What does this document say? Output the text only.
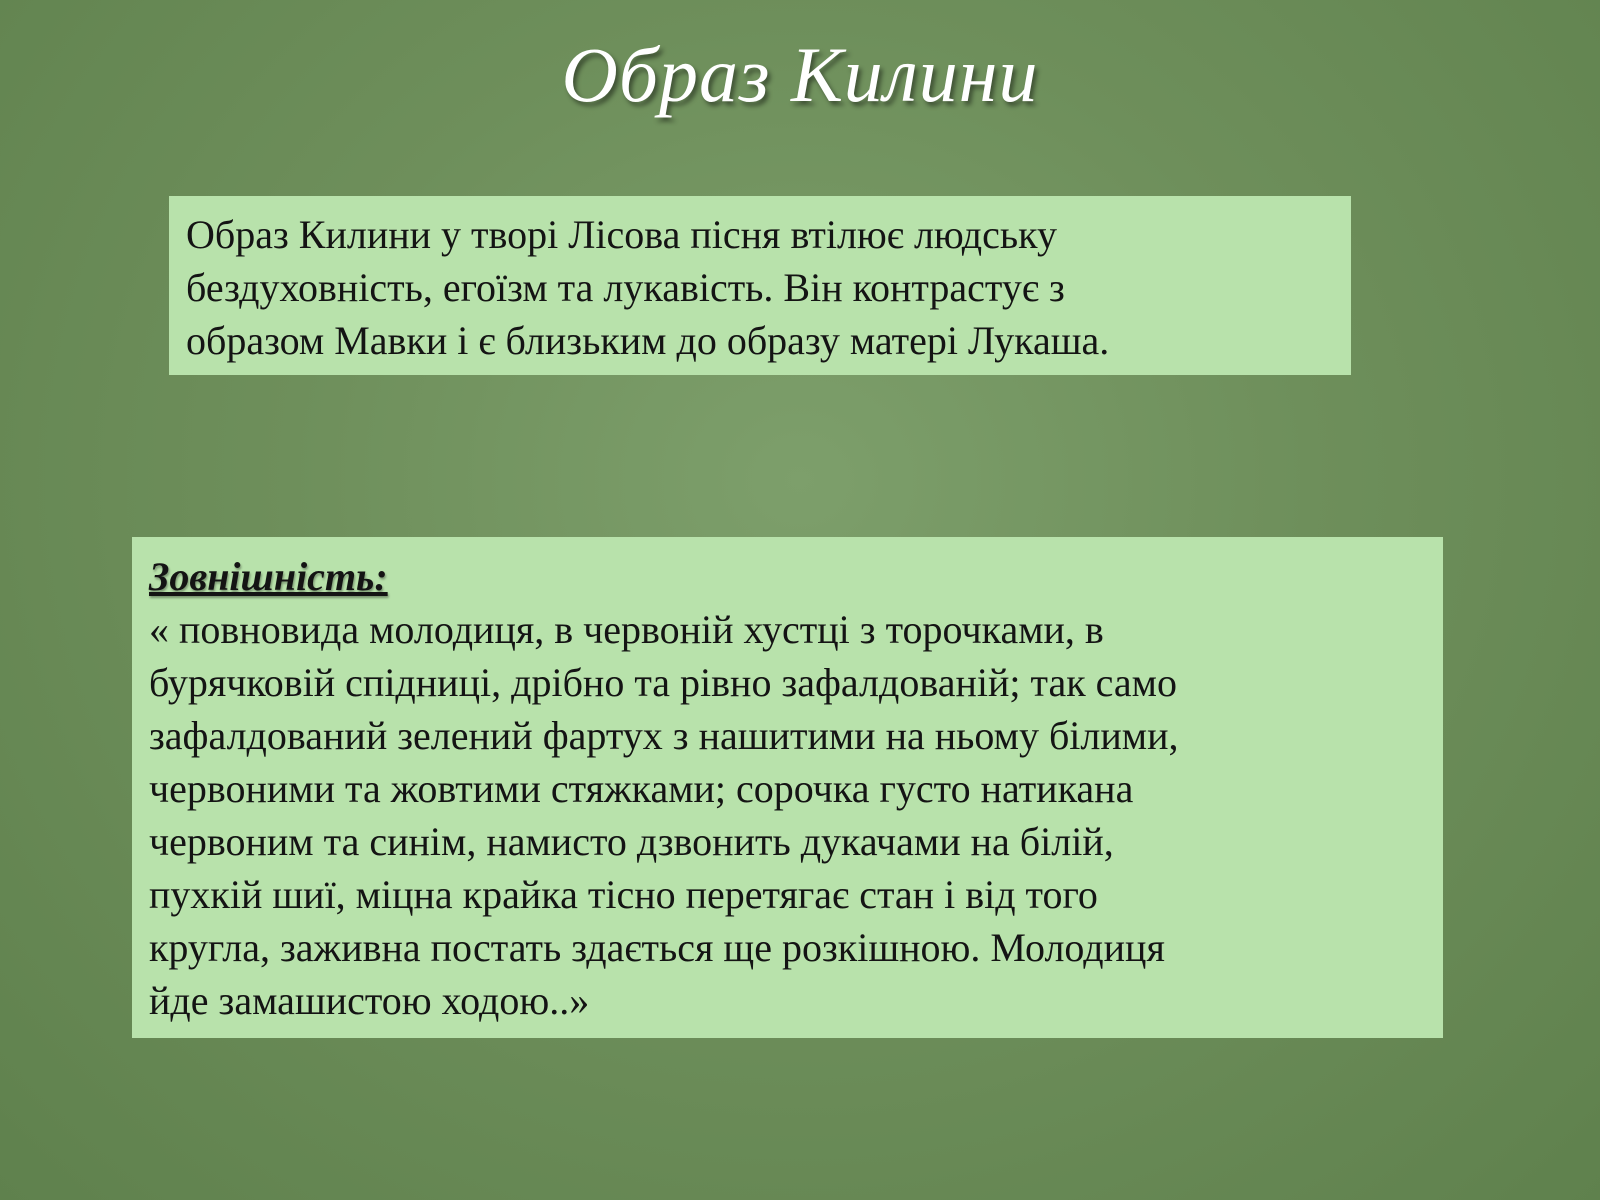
Образ Килини
Образ Килини у творі Лісова пісня втілює людську
бездуховність, егоїзм та лукавість. Він контрастує з
образом Мавки і є близьким до образу матері Лукаша.
Зовнішність:
« повновида молодиця, в червоній хустці з торочками, в
бурячковій спідниці, дрібно та рівно зафалдованій; так само
зафалдований зелений фартух з нашитими на ньому білими,
червоними та жовтими стяжками; сорочка густо натикана
червоним та синім, намисто дзвонить дукачами на білій,
пухкій шиї, міцна крайка тісно перетягає стан і від того
кругла, заживна постать здається ще розкішною. Молодиця
йде замашистою ходою..»
